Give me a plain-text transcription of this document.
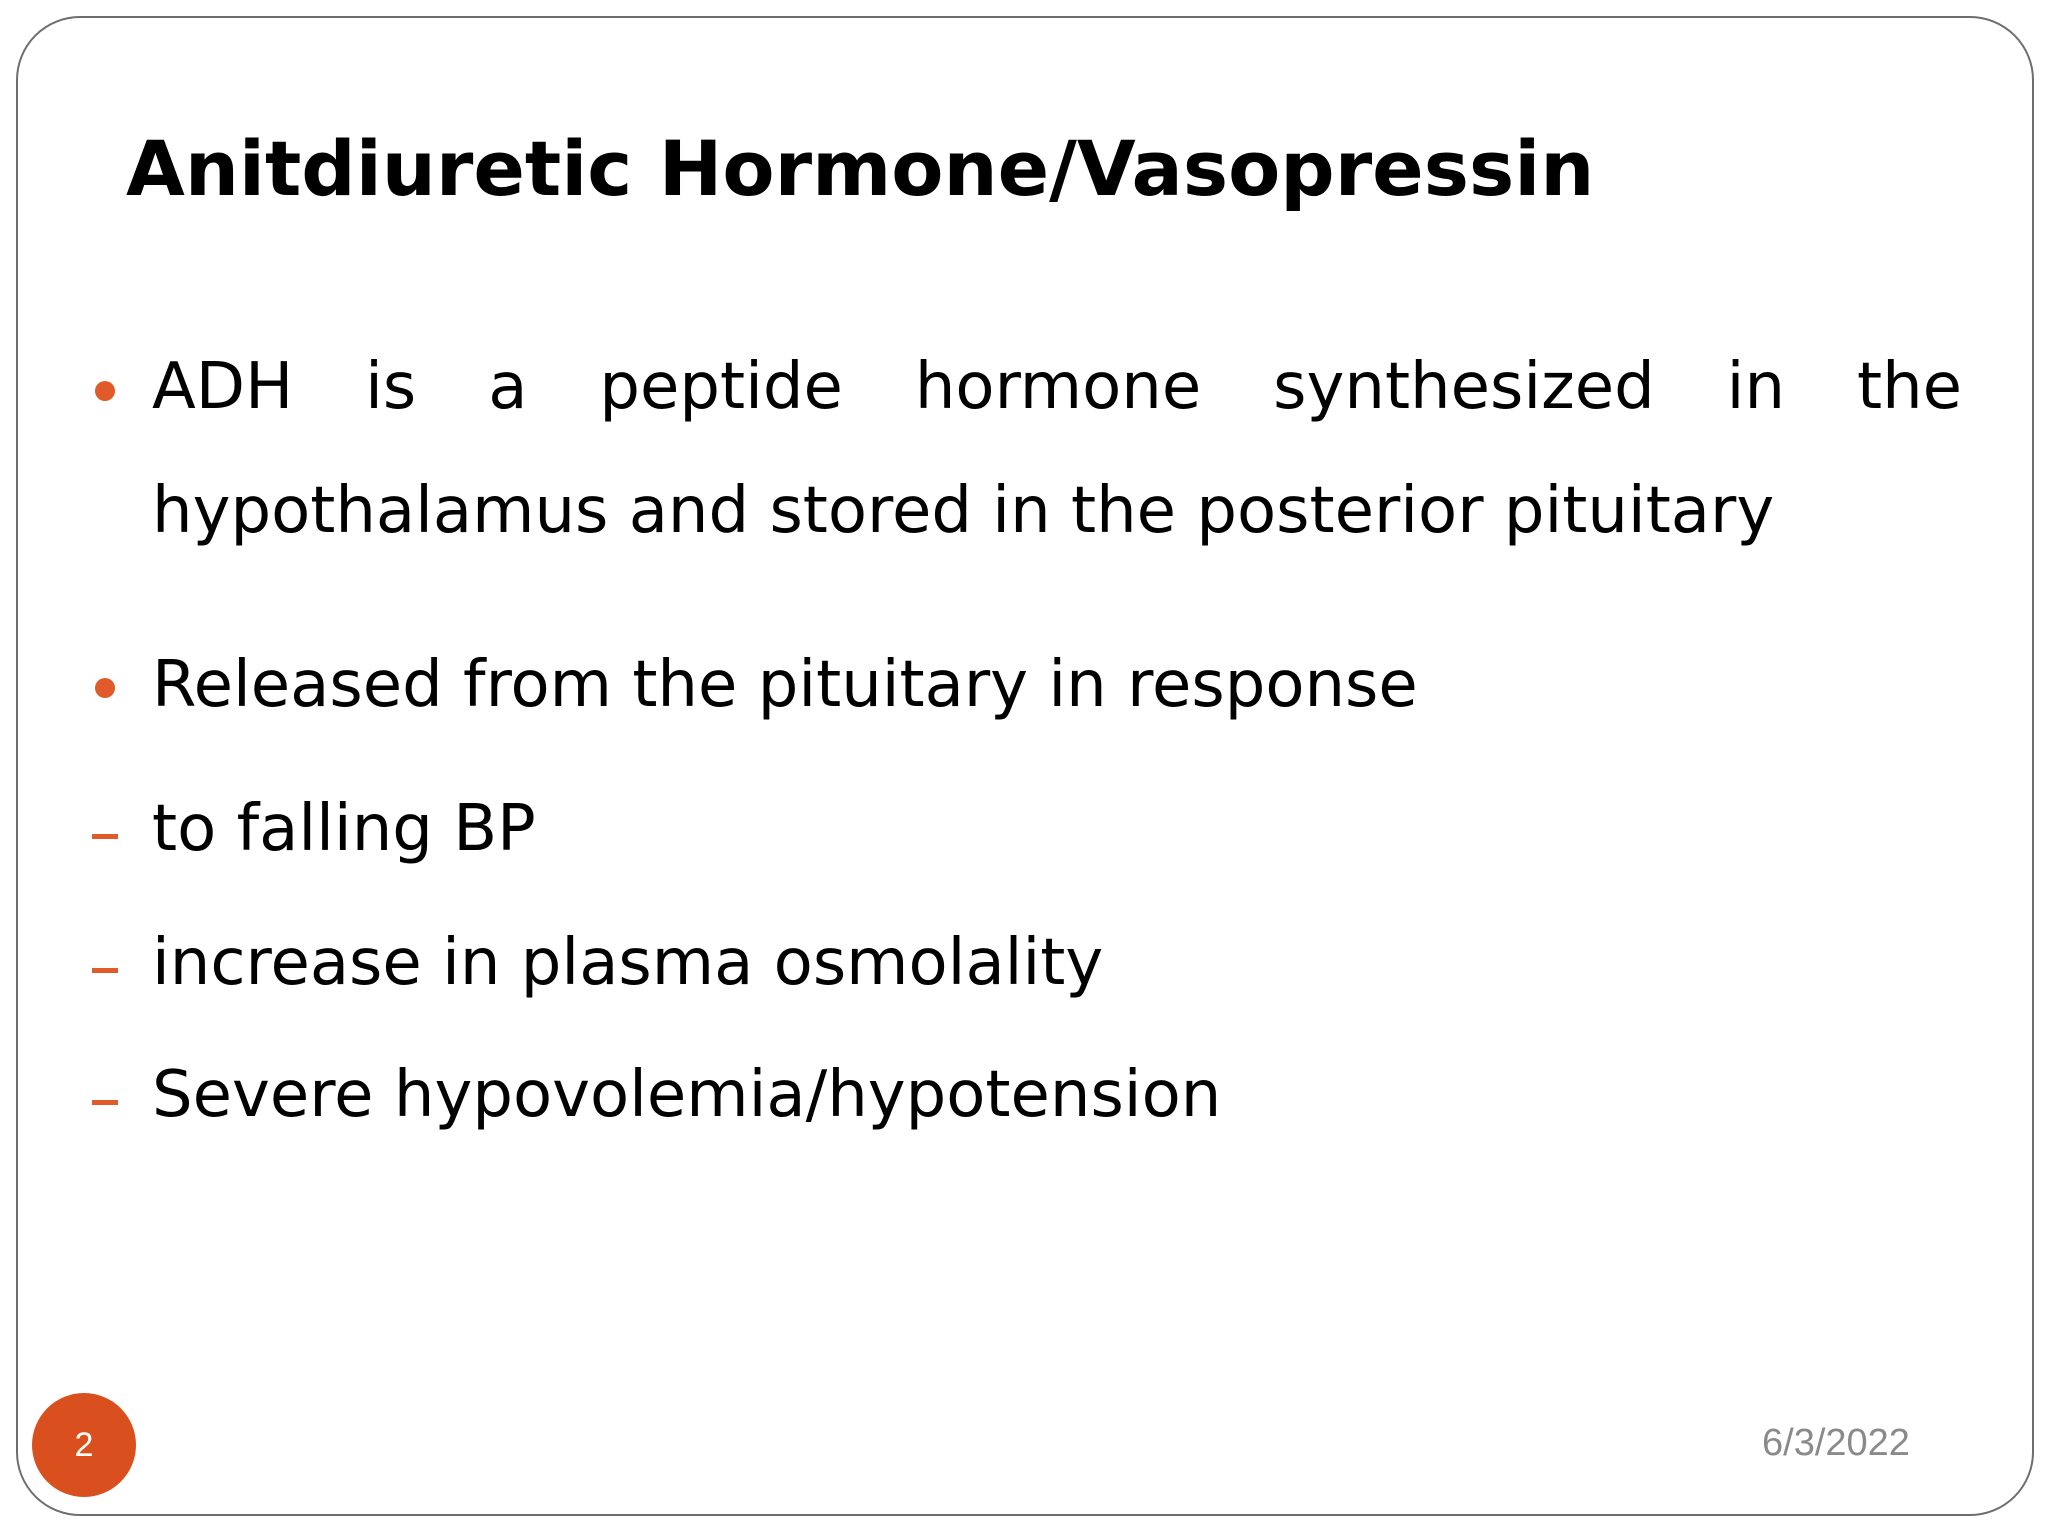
Anitdiuretic Hormone/Vasopressin
ADH is a peptide hormone synthesized in the
hypothalamus and stored in the posterior pituitary
Released from the pituitary in response
to falling BP
increase in plasma osmolality
Severe hypovolemia/hypotension
2	6/3/2022
